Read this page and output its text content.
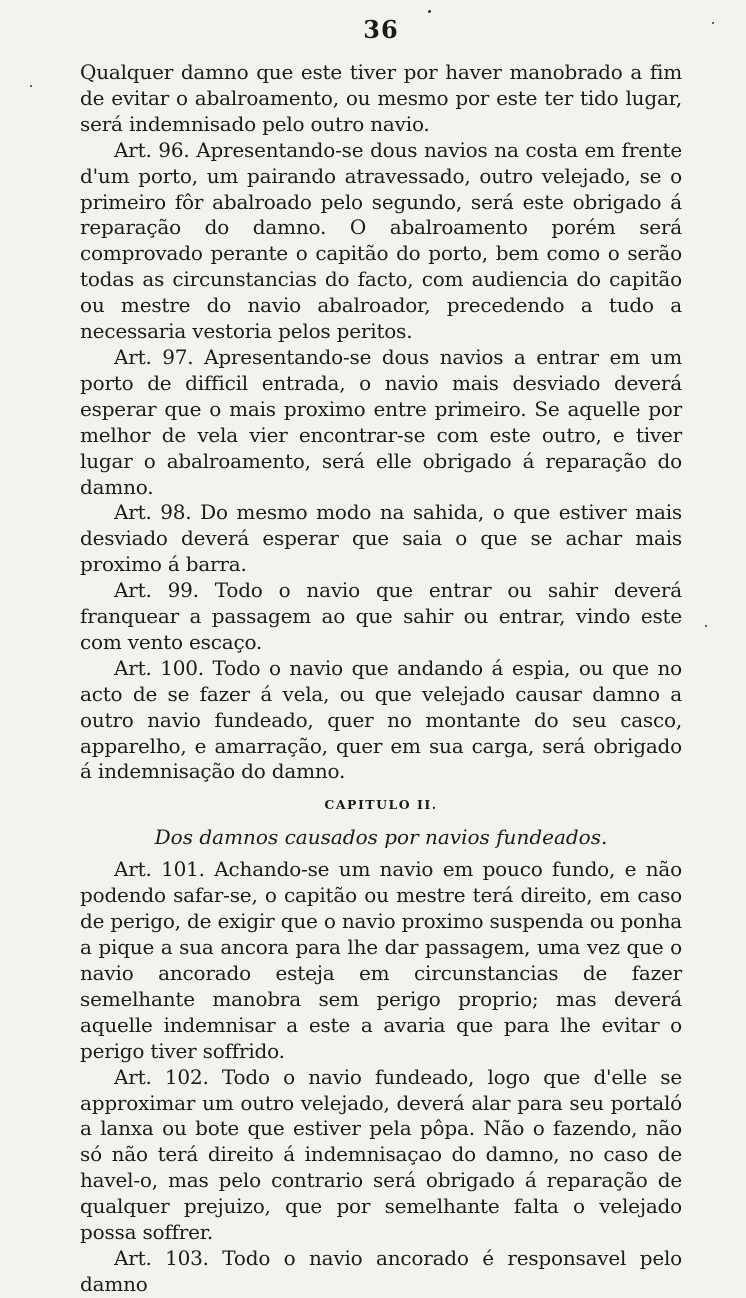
36

Qualquer damno que este tiver por haver manobrado a fim de evitar o abalroamento, ou mesmo por este ter tido lugar, será indemnisado pelo outro navio.

Art. 96. Apresentando-se dous navios na costa em frente d'um porto, um pairando atravessado, outro velejado, se o primeiro fôr abalroado pelo segundo, será este obrigado á reparação do damno. O abalroamento porém será comprovado perante o capitão do porto, bem como o serão todas as circunstancias do facto, com audiencia do capitão ou mestre do navio abalroador, precedendo a tudo a necessaria vestoria pelos peritos.

Art. 97. Apresentando-se dous navios a entrar em um porto de difficil entrada, o navio mais desviado deverá esperar que o mais proximo entre primeiro. Se aquelle por melhor de vela vier encontrar-se com este outro, e tiver lugar o abalroamento, será elle obrigado á reparação do damno.

Art. 98. Do mesmo modo na sahida, o que estiver mais desviado deverá esperar que saia o que se achar mais proximo á barra.

Art. 99. Todo o navio que entrar ou sahir deverá franquear a passagem ao que sahir ou entrar, vindo este com vento escaço.

Art. 100. Todo o navio que andando á espia, ou que no acto de se fazer á vela, ou que velejado causar damno a outro navio fundeado, quer no montante do seu casco, apparelho, e amarração, quer em sua carga, será obrigado á indemnisação do damno.

CAPITULO II.
Dos damnos causados por navios fundeados.

Art. 101. Achando-se um navio em pouco fundo, e não podendo safar-se, o capitão ou mestre terá direito, em caso de perigo, de exigir que o navio proximo suspenda ou ponha a pique a sua ancora para lhe dar passagem, uma vez que o navio ancorado esteja em circunstancias de fazer semelhante manobra sem perigo proprio; mas deverá aquelle indemnisar a este a avaria que para lhe evitar o perigo tiver soffrido.

Art. 102. Todo o navio fundeado, logo que d'elle se approximar um outro velejado, deverá alar para seu portaló a lanxa ou bote que estiver pela pôpa. Não o fazendo, não só não terá direito á indemnisaçao do damno, no caso de havel-o, mas pelo contrario será obrigado á reparação de qualquer prejuizo, que por semelhante falta o velejado possa soffrer.

Art. 103. Todo o navio ancorado é responsavel pelo damno
